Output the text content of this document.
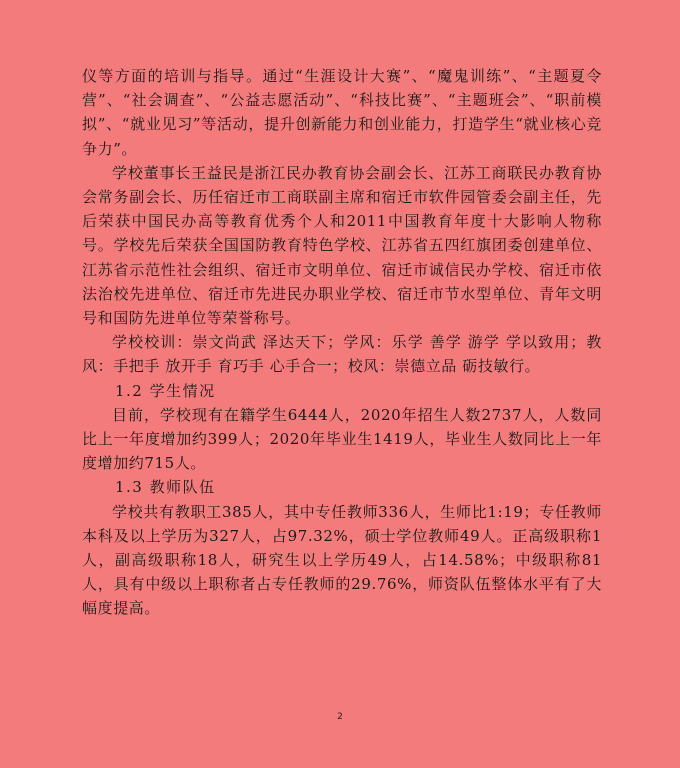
仪等方面的培训与指导。通过“生涯设计大赛”、“魔鬼训练”、“主题夏令营”、“社会调查”、“公益志愿活动”、“科技比赛”、“主题班会”、“职前模拟”、“就业见习”等活动，提升创新能力和创业能力，打造学生“就业核心竞争力”。

学校董事长王益民是浙江民办教育协会副会长、江苏工商联民办教育协会常务副会长、历任宿迁市工商联副主席和宿迁市软件园管委会副主任，先后荣获中国民办高等教育优秀个人和2011中国教育年度十大影响人物称号。学校先后荣获全国国防教育特色学校、江苏省五四红旗团委创建单位、江苏省示范性社会组织、宿迁市文明单位、宿迁市诚信民办学校、宿迁市依法治校先进单位、宿迁市先进民办职业学校、宿迁市节水型单位、青年文明号和国防先进单位等荣誉称号。

学校校训：崇文尚武 泽达天下；学风：乐学 善学 游学 学以致用；教风：手把手 放开手 育巧手 心手合一；校风：崇德立品 砺技敏行。

1.2 学生情况

目前，学校现有在籍学生6444人，2020年招生人数2737人，人数同比上一年度增加约399人；2020年毕业生1419人，毕业生人数同比上一年度增加约715人。

1.3 教师队伍

学校共有教职工385人，其中专任教师336人，生师比1:19；专任教师本科及以上学历为327人，占97.32%，硕士学位教师49人。正高级职称1人，副高级职称18人，研究生以上学历49人，占14.58%；中级职称81人，具有中级以上职称者占专任教师的29.76%，师资队伍整体水平有了大幅度提高。

2
